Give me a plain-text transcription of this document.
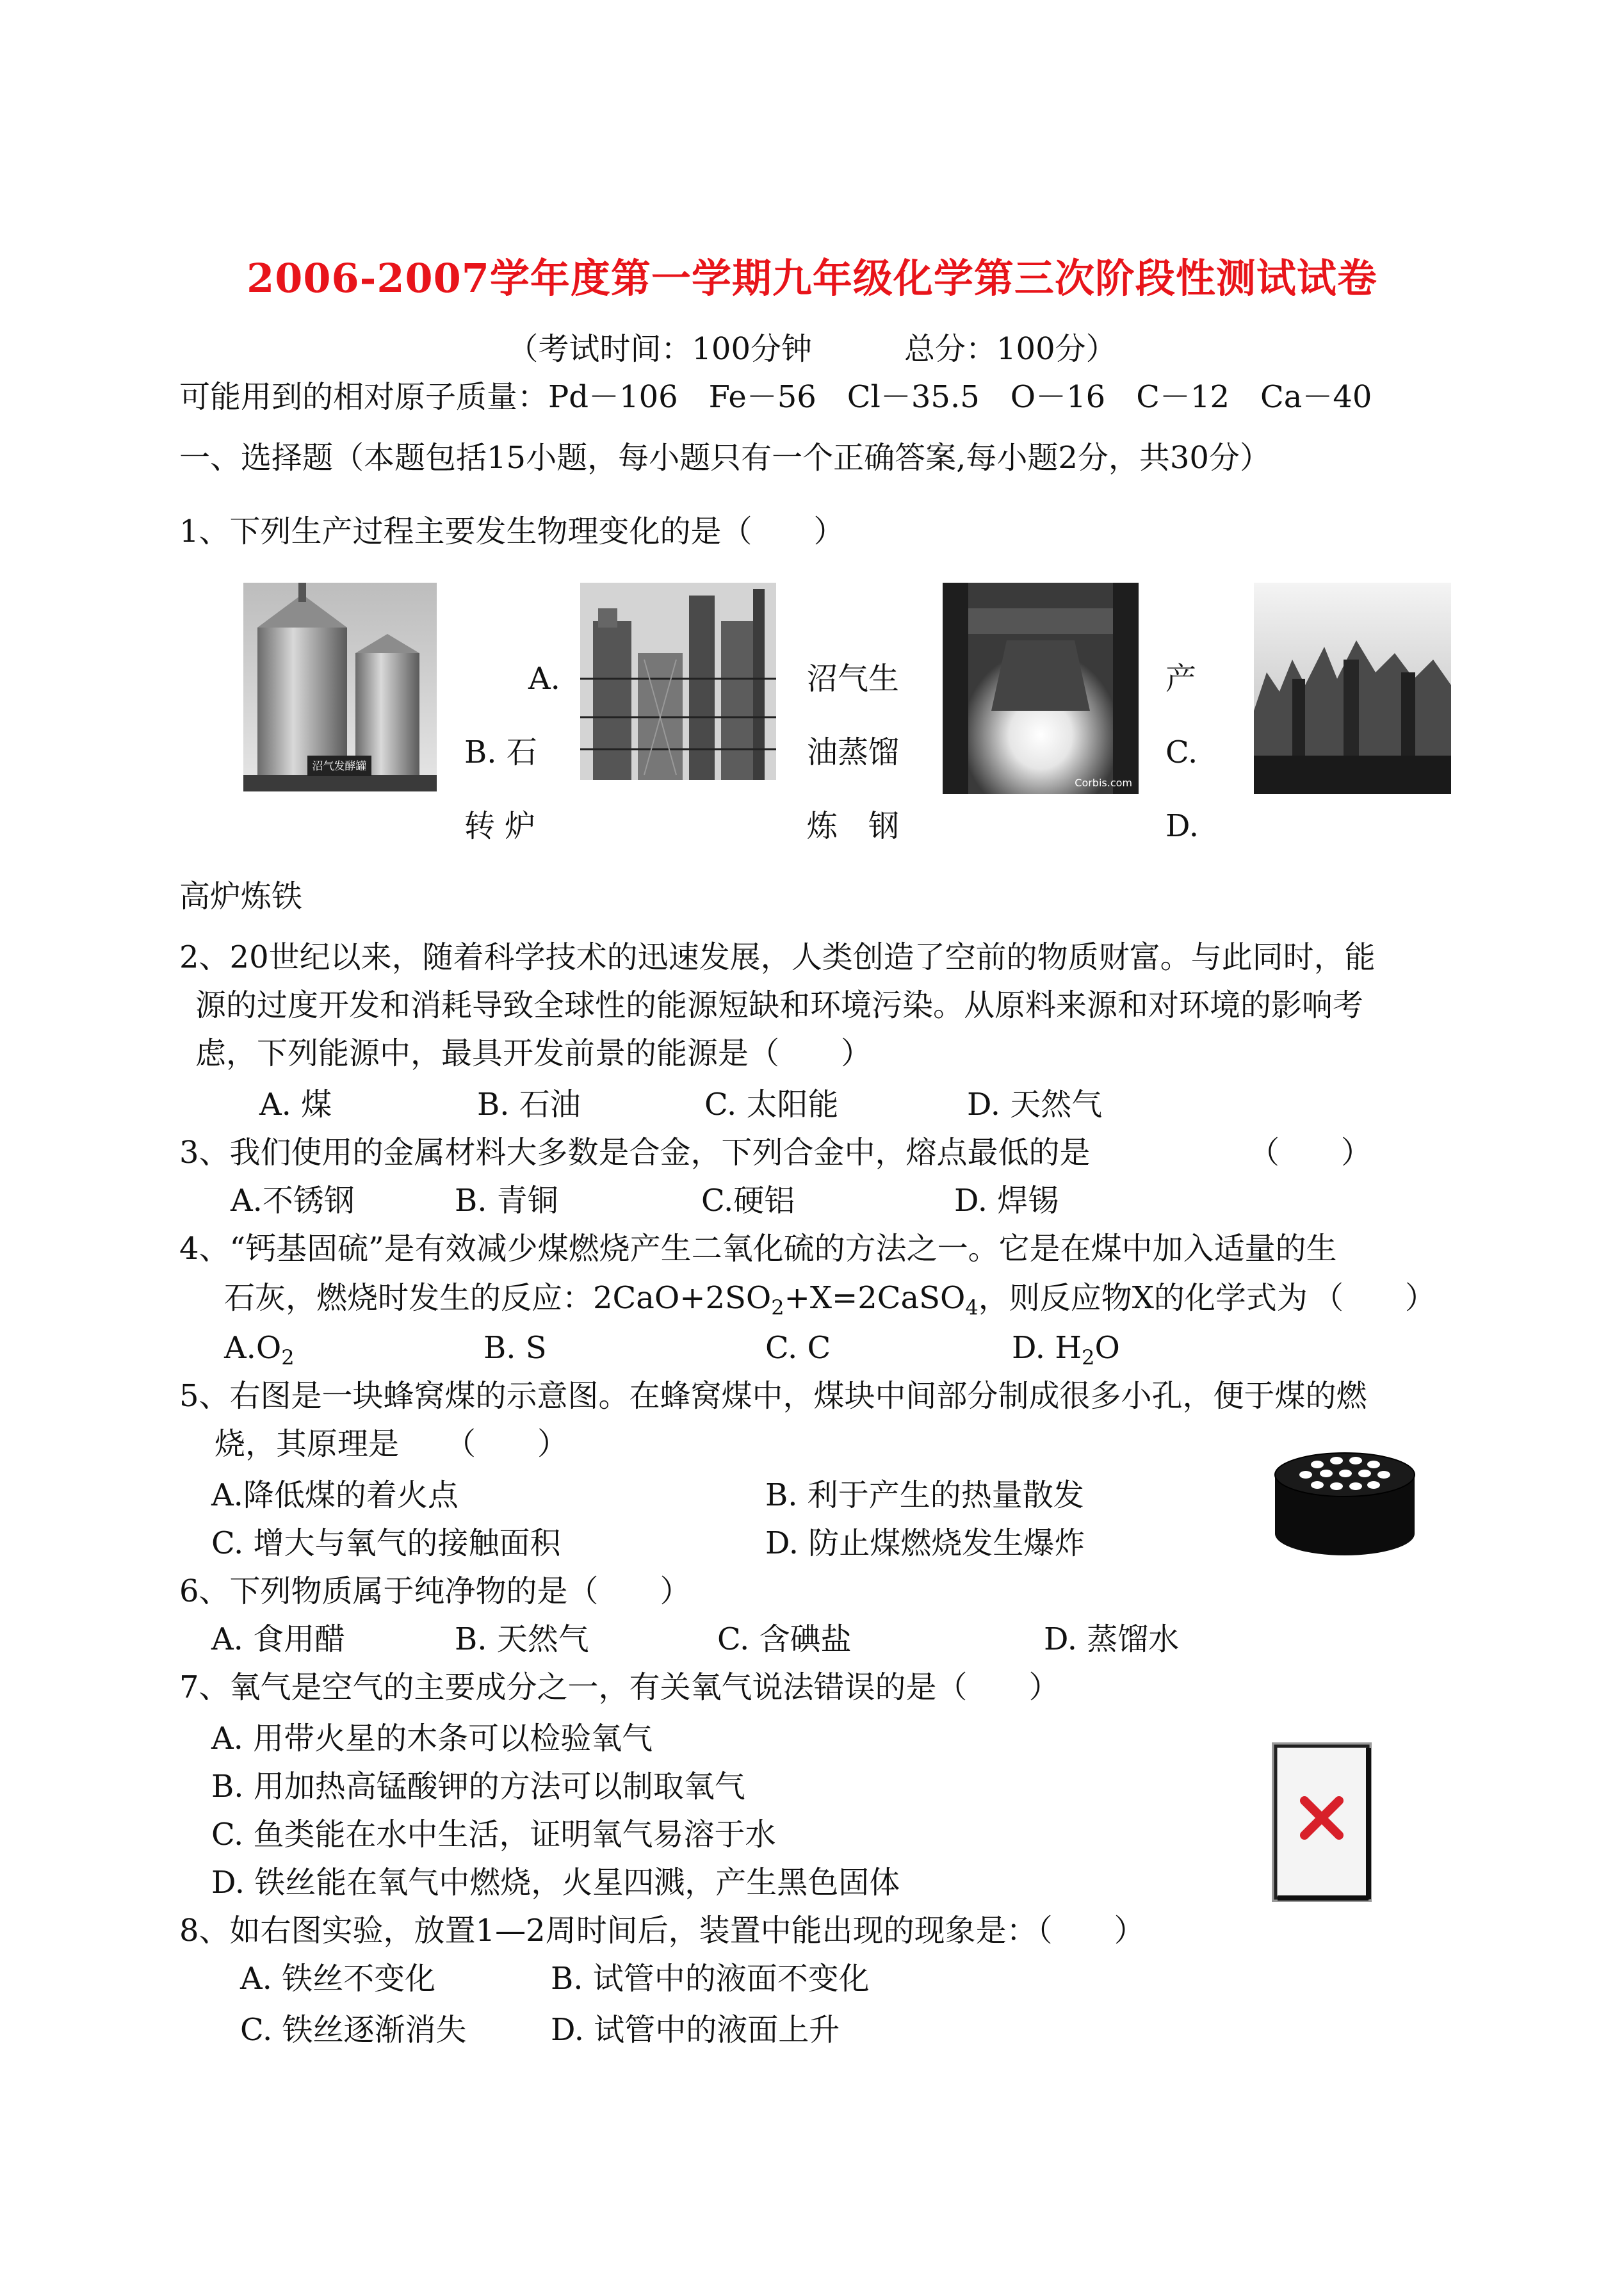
2006-2007学年度第一学期九年级化学第三次阶段性测试试卷
（考试时间：100分钟　　　总分：100分）
可能用到的相对原子质量：Pd－106　Fe－56　Cl－35.5　O－16　C－12　Ca－40
一、选择题（本题包括15小题，每小题只有一个正确答案,每小题2分，共30分）
1、下列生产过程主要发生物理变化的是（　　）
沼气发酵罐
Corbis.com
A.	沼气生	产
B. 石	油蒸馏	C.
转 炉	炼　钢	D.
高炉炼铁
2、20世纪以来，随着科学技术的迅速发展，人类创造了空前的物质财富。与此同时，能
源的过度开发和消耗导致全球性的能源短缺和环境污染。从原料来源和对环境的影响考
虑，下列能源中，最具开发前景的能源是（　　）
A. 煤	B. 石油	C. 太阳能	D. 天然气
3、我们使用的金属材料大多数是合金，下列合金中，熔点最低的是	（　　）
A.不锈钢	B. 青铜	C.硬铝	D. 焊锡
4、“钙基固硫”是有效减少煤燃烧产生二氧化硫的方法之一。它是在煤中加入适量的生
石灰，燃烧时发生的反应：$2CaO+2SO_2+X=2CaSO_4$，则反应物X的化学式为 （　　）
$A.O_2$	B. S	C. C	D. $H_2O$
5、右图是一块蜂窝煤的示意图。在蜂窝煤中，煤块中间部分制成很多小孔，便于煤的燃
烧，其原理是　　（　　）
A.降低煤的着火点	B. 利于产生的热量散发
C. 增大与氧气的接触面积	D. 防止煤燃烧发生爆炸
6、下列物质属于纯净物的是（　　）
A. 食用醋	B. 天然气	C. 含碘盐	D. 蒸馏水
7、氧气是空气的主要成分之一，有关氧气说法错误的是（　　）
A. 用带火星的木条可以检验氧气
B. 用加热高锰酸钾的方法可以制取氧气
C. 鱼类能在水中生活，证明氧气易溶于水
D. 铁丝能在氧气中燃烧，火星四溅，产生黑色固体
8、如右图实验，放置1—2周时间后，装置中能出现的现象是：（　　）
A. 铁丝不变化	B. 试管中的液面不变化
C. 铁丝逐渐消失	D. 试管中的液面上升
